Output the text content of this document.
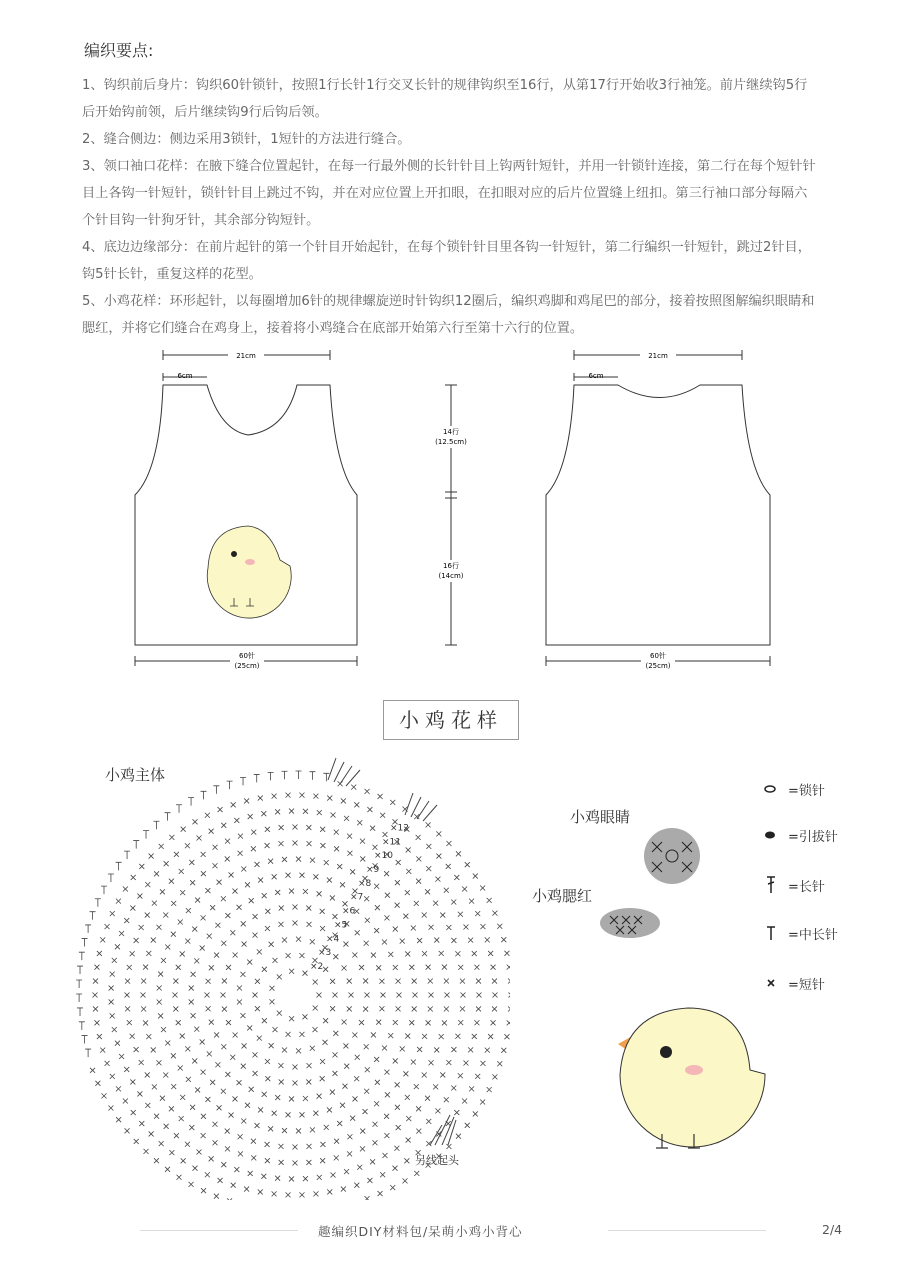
编织要点:
1、钩织前后身片：钩织60针锁针，按照1行长针1行交叉长针的规律钩织至16行，从第17行开始收3行袖笼。前片继续钩5行后开始钩前领，后片继续钩9行后钩后领。
2、缝合侧边：侧边采用3锁针，1短针的方法进行缝合。
3、领口袖口花样：在腋下缝合位置起针，在每一行最外侧的长针针目上钩两针短针，并用一针锁针连接，第二行在每个短针针目上各钩一针短针，锁针针目上跳过不钩，并在对应位置上开扣眼，在扣眼对应的后片位置缝上纽扣。第三行袖口部分每隔六个针目钩一针狗牙针，其余部分钩短针。
4、底边边缘部分：在前片起针的第一个针目开始起针，在每个锁针针目里各钩一针短针，第二行编织一针短针，跳过2针目，钩5针长针，重复这样的花型。
5、小鸡花样：环形起针，以每圈增加6针的规律螺旋逆时针钩织12圈后，编织鸡脚和鸡尾巴的部分，接着按照图解编织眼睛和腮红，并将它们缝合在鸡身上，接着将小鸡缝合在底部开始第六行至第十六行的位置。
21cm
6cm
21cm
6cm
60针
(25cm)
60针
(25cm)
14行
(12.5cm)
16行
(14cm)
小鸡花样
小鸡主体
小鸡眼睛
小鸡腮红
另线起头
×2
×3
×4
×5
×6
×7
×8
×9
×10
×11
×12
=锁针
=引拔针
=长针
=中长针
=短针
趣编织DIY材料包/呆萌小鸡小背心	2/4
